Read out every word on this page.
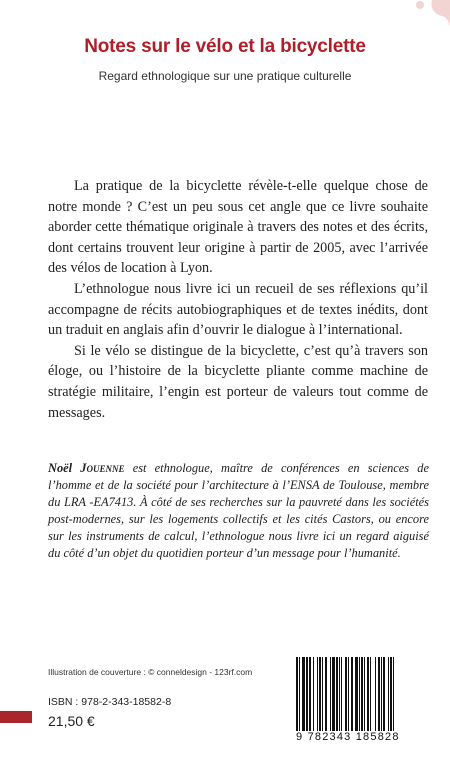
Notes sur le vélo et la bicyclette
Regard ethnologique sur une pratique culturelle

La pratique de la bicyclette révèle-t-elle quelque chose de notre monde ? C’est un peu sous cet angle que ce livre souhaite aborder cette thématique originale à travers des notes et des écrits, dont certains trouvent leur origine à partir de 2005, avec l’arrivée des vélos de location à Lyon.

L’ethnologue nous livre ici un recueil de ses réflexions qu’il accompagne de récits autobiographiques et de textes inédits, dont un traduit en anglais afin d’ouvrir le dialogue à l’international.

Si le vélo se distingue de la bicyclette, c’est qu’à travers son éloge, ou l’histoire de la bicyclette pliante comme machine de stratégie militaire, l’engin est porteur de valeurs tout comme de messages.

Noël Jouenne est ethnologue, maître de conférences en sciences de l’homme et de la société pour l’architecture à l’ENSA de Toulouse, membre du LRA -EA7413. À côté de ses recherches sur la pauvreté dans les sociétés post-modernes, sur les logements collectifs et les cités Castors, ou encore sur les instruments de calcul, l’ethnologue nous livre ici un regard aiguisé du côté d’un objet du quotidien porteur d’un message pour l’humanité.
Illustration de couverture : © conneldesign - 123rf.com
ISBN : 978-2-343-18582-8
21,50 €
9 782343 185828
